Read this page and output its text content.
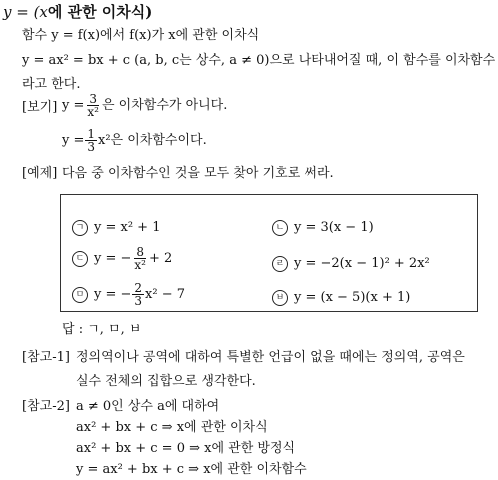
y = (x에 관한 이차식)
함수 y = f(x)에서 f(x)가 x에 관한 이차식
y = ax² = bx + c (a, b, c는 상수, a ≠ 0)으로 나타내어질 때, 이 함수를 이차함수
라고 한다.
[보기] $y = \frac{3}{\text{x²}}$ 은 이차함수가 아니다.
$y = \frac{1}{3} x^2$은 이차함수이다.
[예제] 다음 중 이차함수인 것을 모두 찾아 기호로 써라.
ㄱ y = x² + 1	ㄴ y = 3(x − 1)
ㄷ y = − $\frac{8}{\text{x²}} + 2$	ㄹ y = −2(x − 1)² + 2x²
ㅁ y = − $\frac{2}{3} x^2 - 7$	ㅂ y = (x − 5)(x + 1)
답 : ㄱ, ㅁ, ㅂ
[참고-1] 정의역이나 공역에 대하여 특별한 언급이 없을 때에는 정의역, 공역은
실수 전체의 집합으로 생각한다.
[참고-2] a ≠ 0인 상수 a에 대하여
ax² + bx + c ⇒ x에 관한 이차식
ax² + bx + c = 0 ⇒ x에 관한 방정식
y = ax² + bx + c ⇒ x에 관한 이차함수
